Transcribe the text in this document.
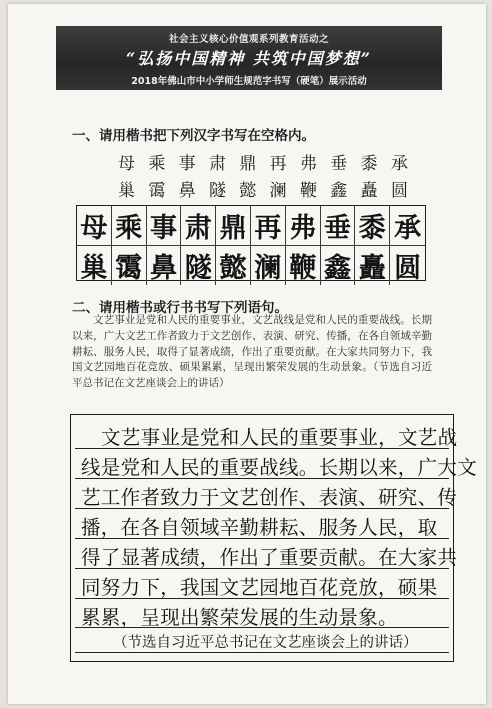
社会主义核心价值观系列教育活动之
“弘扬中国精神 共筑中国梦想”
2018年佛山市中小学师生规范字书写（硬笔）展示活动
一、请用楷书把下列汉字书写在空格内。
母 乘 事 肃 鼎 再 弗 垂 黍 承
巢 霭 鼻 隧 懿 澜 鞭 鑫 矗 圆
母 乘 事 肃 鼎 再 弗 垂 黍 承
巢 霭 鼻 隧 懿 澜 鞭 鑫 矗 圆
二、请用楷书或行书书写下列语句。
文艺事业是党和人民的重要事业，文艺战线是党和人民的重要战线。长期以来，广大文艺工作者致力于文艺创作、表演、研究、传播，在各自领域辛勤耕耘、服务人民，取得了显著成绩，作出了重要贡献。在大家共同努力下，我国文艺园地百花竞放、硕果累累，呈现出繁荣发展的生动景象。（节选自习近平总书记在文艺座谈会上的讲话）
文艺事业是党和人民的重要事业，文艺战
线是党和人民的重要战线。长期以来，广大文
艺工作者致力于文艺创作、表演、研究、传
播，在各自领域辛勤耕耘、服务人民，取
得了显著成绩，作出了重要贡献。在大家共
同努力下，我国文艺园地百花竞放，硕果
累累，呈现出繁荣发展的生动景象。
（节选自习近平总书记在文艺座谈会上的讲话）
